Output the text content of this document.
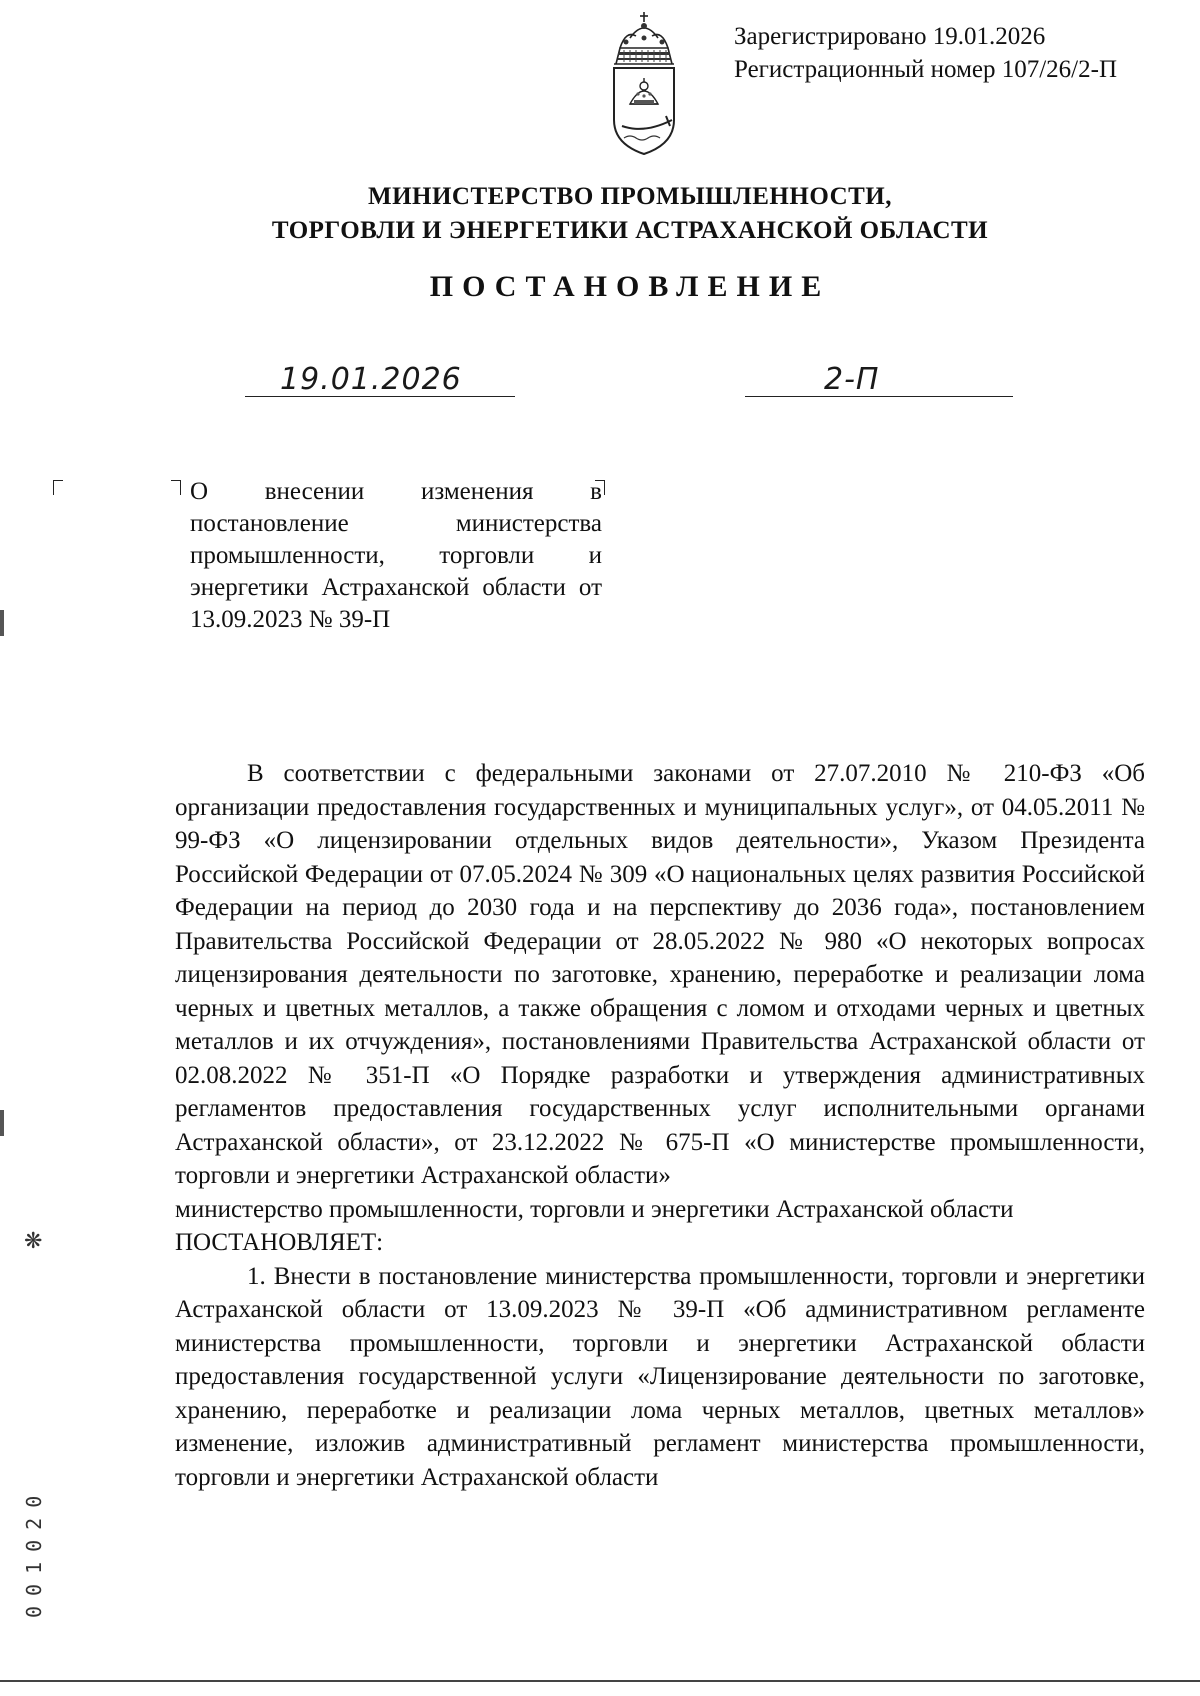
Зарегистрировано 19.01.2026
Регистрационный номер 107/26/2-П
МИНИСТЕРСТВО ПРОМЫШЛЕННОСТИ,
ТОРГОВЛИ И ЭНЕРГЕТИКИ АСТРАХАНСКОЙ ОБЛАСТИ
ПОСТАНОВЛЕНИЕ
19.01.2026	2-П
О внесении изменения в постановление министерства промышленности, торговли и энергетики Астраханской области от 13.09.2023 № 39-П

В соответствии с федеральными законами от 27.07.2010 № 210-ФЗ «Об организации предоставления государственных и муниципальных услуг», от 04.05.2011 № 99-ФЗ «О лицензировании отдельных видов деятельности», Указом Президента Российской Федерации от 07.05.2024 № 309 «О национальных целях развития Российской Федерации на период до 2030 года и на перспективу до 2036 года», постановлением Правительства Российской Федерации от 28.05.2022 № 980 «О некоторых вопросах лицензирования деятельности по заготовке, хранению, переработке и реализации лома черных и цветных металлов, а также обращения с ломом и отходами черных и цветных металлов и их отчуждения», постановлениями Правительства Астраханской области от 02.08.2022 № 351-П «О Порядке разработки и утверждения административных регламентов предоставления государственных услуг исполнительными органами Астраханской области», от 23.12.2022 № 675-П «О министерстве промышленности, торговли и энергетики Астраханской области»

министерство промышленности, торговли и энергетики Астраханской области

ПОСТАНОВЛЯЕТ:

1. Внести в постановление министерства промышленности, торговли и энергетики Астраханской области от 13.09.2023 № 39-П «Об административном регламенте министерства промышленности, торговли и энергетики Астраханской области предоставления государственной услуги «Лицензирование деятельности по заготовке, хранению, переработке и реализации лома черных металлов, цветных металлов» изменение, изложив административный регламент министерства промышленности, торговли и энергетики Астраханской области

❋
001020
